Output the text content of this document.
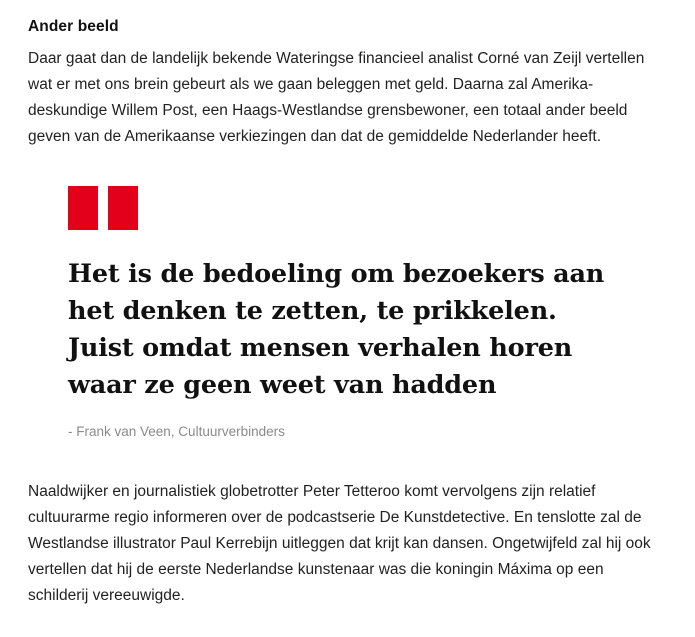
Ander beeld

Daar gaat dan de landelijk bekende Wateringse financieel analist Corné van Zeijl vertellen wat er met ons brein gebeurt als we gaan beleggen met geld. Daarna zal Amerika-deskundige Willem Post, een Haags-Westlandse grensbewoner, een totaal ander beeld geven van de Amerikaanse verkiezingen dan dat de gemiddelde Nederlander heeft.

Het is de bedoeling om bezoekers aan het denken te zetten, te prikkelen. Juist omdat mensen verhalen horen waar ze geen weet van hadden

- Frank van Veen, Cultuurverbinders

Naaldwijker en journalistiek globetrotter Peter Tetteroo komt vervolgens zijn relatief cultuurarme regio informeren over de podcastserie De Kunstdetective. En tenslotte zal de Westlandse illustrator Paul Kerrebijn uitleggen dat krijt kan dansen. Ongetwijfeld zal hij ook vertellen dat hij de eerste Nederlandse kunstenaar was die koningin Máxima op een schilderij vereeuwigde.
